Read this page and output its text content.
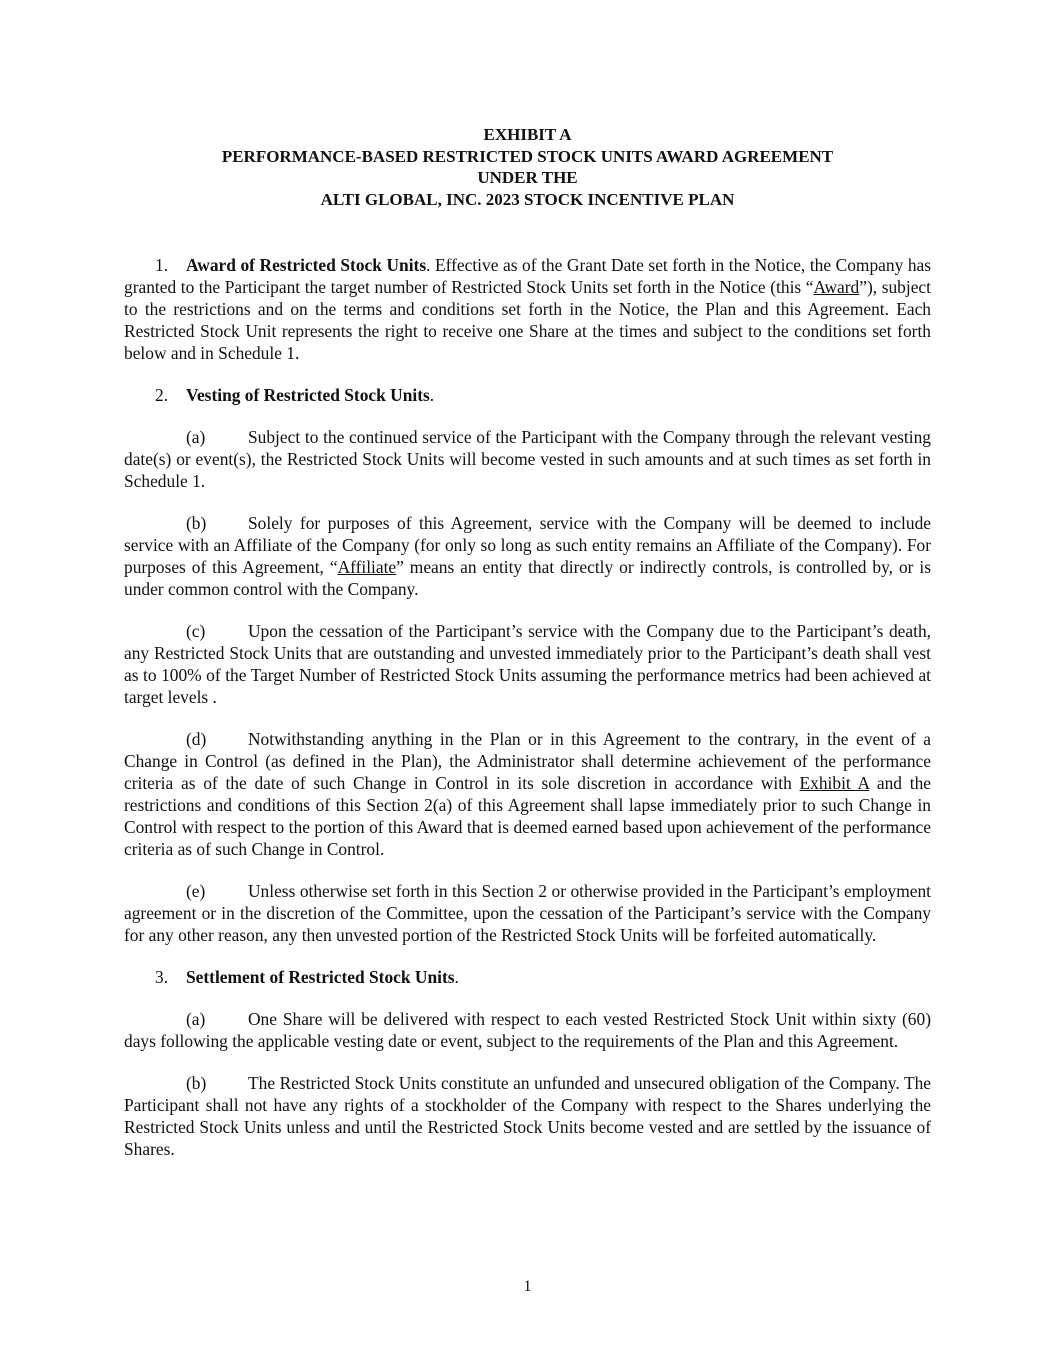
EXHIBIT A
PERFORMANCE-BASED RESTRICTED STOCK UNITS AWARD AGREEMENT
UNDER THE
ALTI GLOBAL, INC. 2023 STOCK INCENTIVE PLAN

1. Award of Restricted Stock Units. Effective as of the Grant Date set forth in the Notice, the Company has granted to the Participant the target number of Restricted Stock Units set forth in the Notice (this “Award”), subject to the restrictions and on the terms and conditions set forth in the Notice, the Plan and this Agreement. Each Restricted Stock Unit represents the right to receive one Share at the times and subject to the conditions set forth below and in Schedule 1.

2. Vesting of Restricted Stock Units.

(a) Subject to the continued service of the Participant with the Company through the relevant vesting date(s) or event(s), the Restricted Stock Units will become vested in such amounts and at such times as set forth in Schedule 1.

(b) Solely for purposes of this Agreement, service with the Company will be deemed to include service with an Affiliate of the Company (for only so long as such entity remains an Affiliate of the Company). For purposes of this Agreement, “Affiliate” means an entity that directly or indirectly controls, is controlled by, or is under common control with the Company.

(c) Upon the cessation of the Participant’s service with the Company due to the Participant’s death, any Restricted Stock Units that are outstanding and unvested immediately prior to the Participant’s death shall vest as to 100% of the Target Number of Restricted Stock Units assuming the performance metrics had been achieved at target levels .

(d) Notwithstanding anything in the Plan or in this Agreement to the contrary, in the event of a Change in Control (as defined in the Plan), the Administrator shall determine achievement of the performance criteria as of the date of such Change in Control in its sole discretion in accordance with Exhibit A and the restrictions and conditions of this Section 2(a) of this Agreement shall lapse immediately prior to such Change in Control with respect to the portion of this Award that is deemed earned based upon achievement of the performance criteria as of such Change in Control.

(e) Unless otherwise set forth in this Section 2 or otherwise provided in the Participant’s employment agreement or in the discretion of the Committee, upon the cessation of the Participant’s service with the Company for any other reason, any then unvested portion of the Restricted Stock Units will be forfeited automatically.

3. Settlement of Restricted Stock Units.

(a) One Share will be delivered with respect to each vested Restricted Stock Unit within sixty (60) days following the applicable vesting date or event, subject to the requirements of the Plan and this Agreement.

(b) The Restricted Stock Units constitute an unfunded and unsecured obligation of the Company. The Participant shall not have any rights of a stockholder of the Company with respect to the Shares underlying the Restricted Stock Units unless and until the Restricted Stock Units become vested and are settled by the issuance of Shares.

1
